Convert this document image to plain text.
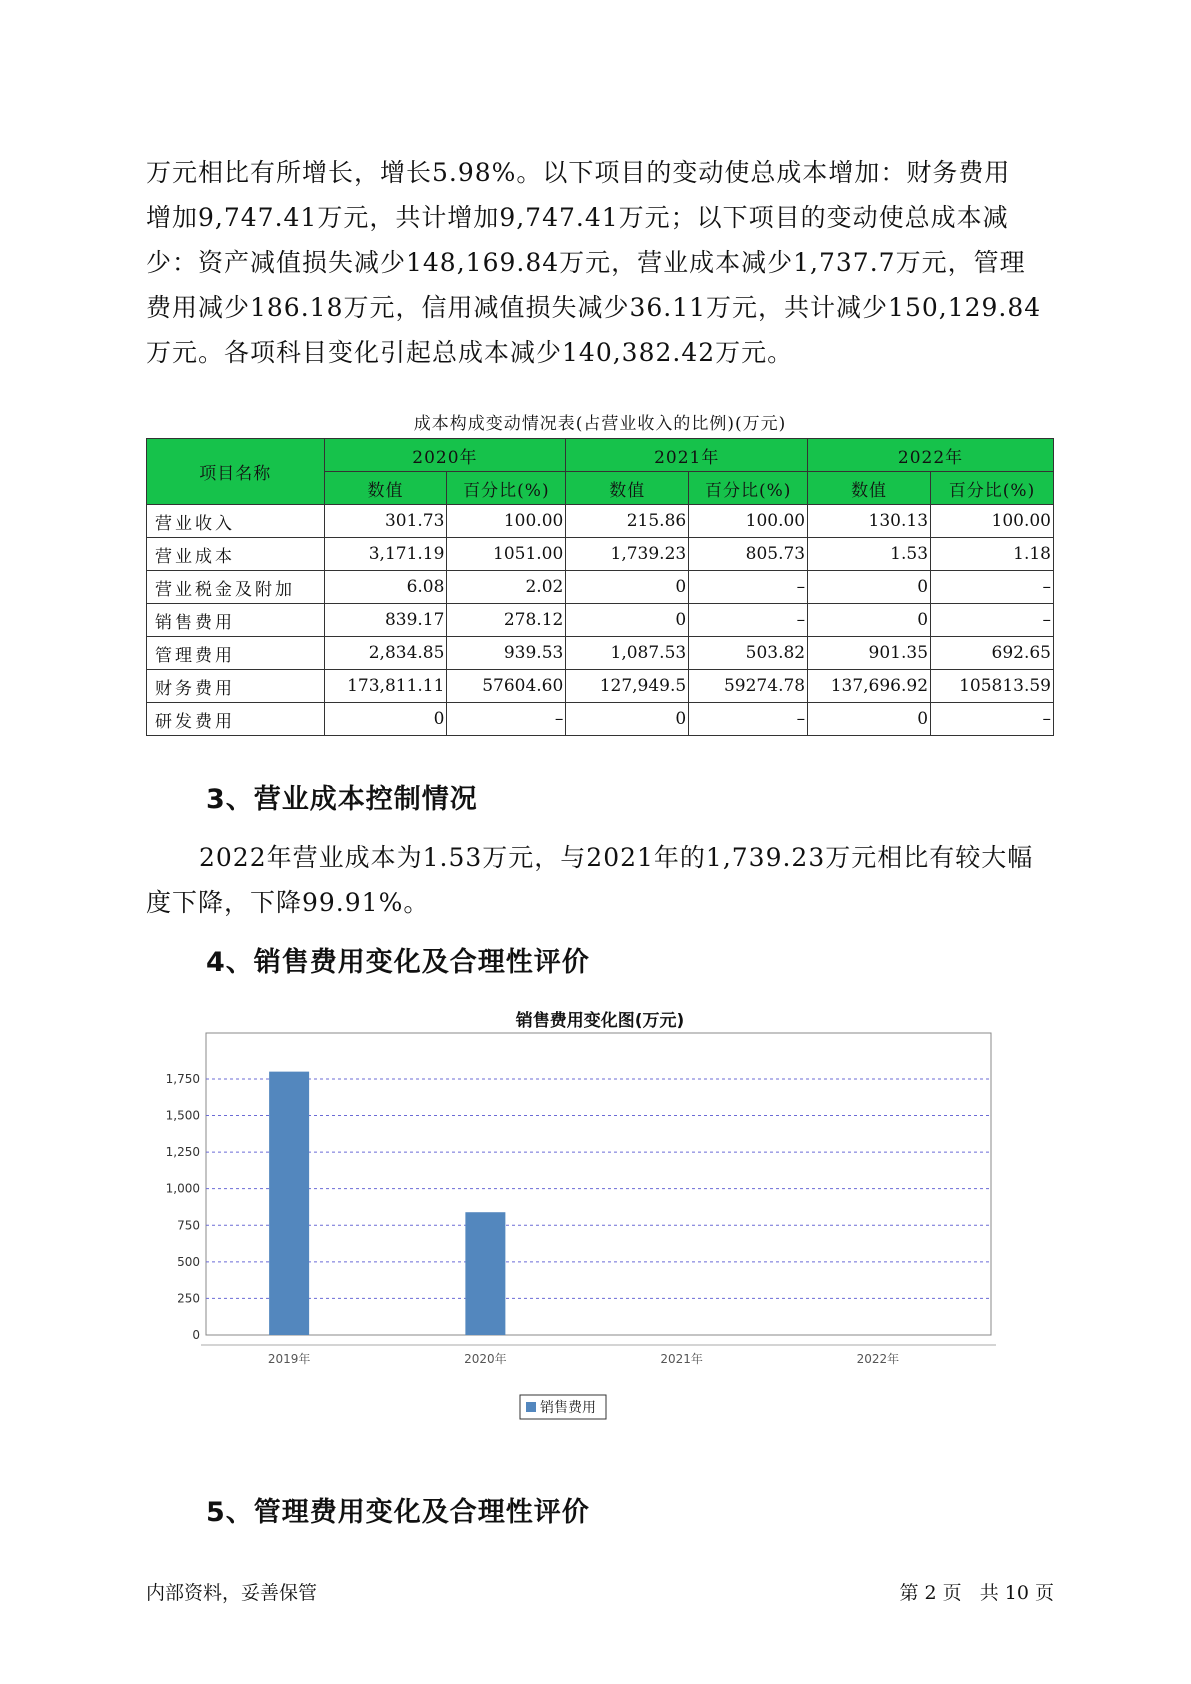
万元相比有所增长，增长5.98%。以下项目的变动使总成本增加：财务费用

增加9,747.41万元，共计增加9,747.41万元；以下项目的变动使总成本减

少：资产减值损失减少148,169.84万元，营业成本减少1,737.7万元，管理

费用减少186.18万元，信用减值损失减少36.11万元，共计减少150,129.84

万元。各项科目变化引起总成本减少140,382.42万元。

成本构成变动情况表(占营业收入的比例)(万元)
项目名称	2020年		2021年		2022年	
	数值	百分比(%)	数值	百分比(%)	数值	百分比(%)
营业收入	301.73	100.00	215.86	100.00	130.13	100.00
营业成本	3,171.19	1051.00	1,739.23	805.73	1.53	1.18
营业税金及附加	6.08	2.02	0	–	0	–
销售费用	839.17	278.12	0	–	0	–
管理费用	2,834.85	939.53	1,087.53	503.82	901.35	692.65
财务费用	173,811.11	57604.60	127,949.5	59274.78	137,696.92	105813.59
研发费用	0	–	0	–	0	–
3、营业成本控制情况

2022年营业成本为1.53万元，与2021年的1,739.23万元相比有较大幅

度下降，下降99.91%。

4、销售费用变化及合理性评价
销售费用变化图(万元)
0
250
500
750
1,000
1,250
1,500
1,750
2019年	2020年	2021年	2022年
销售费用
5、管理费用变化及合理性评价
内部资料，妥善保管	第 2 页   共 10 页
